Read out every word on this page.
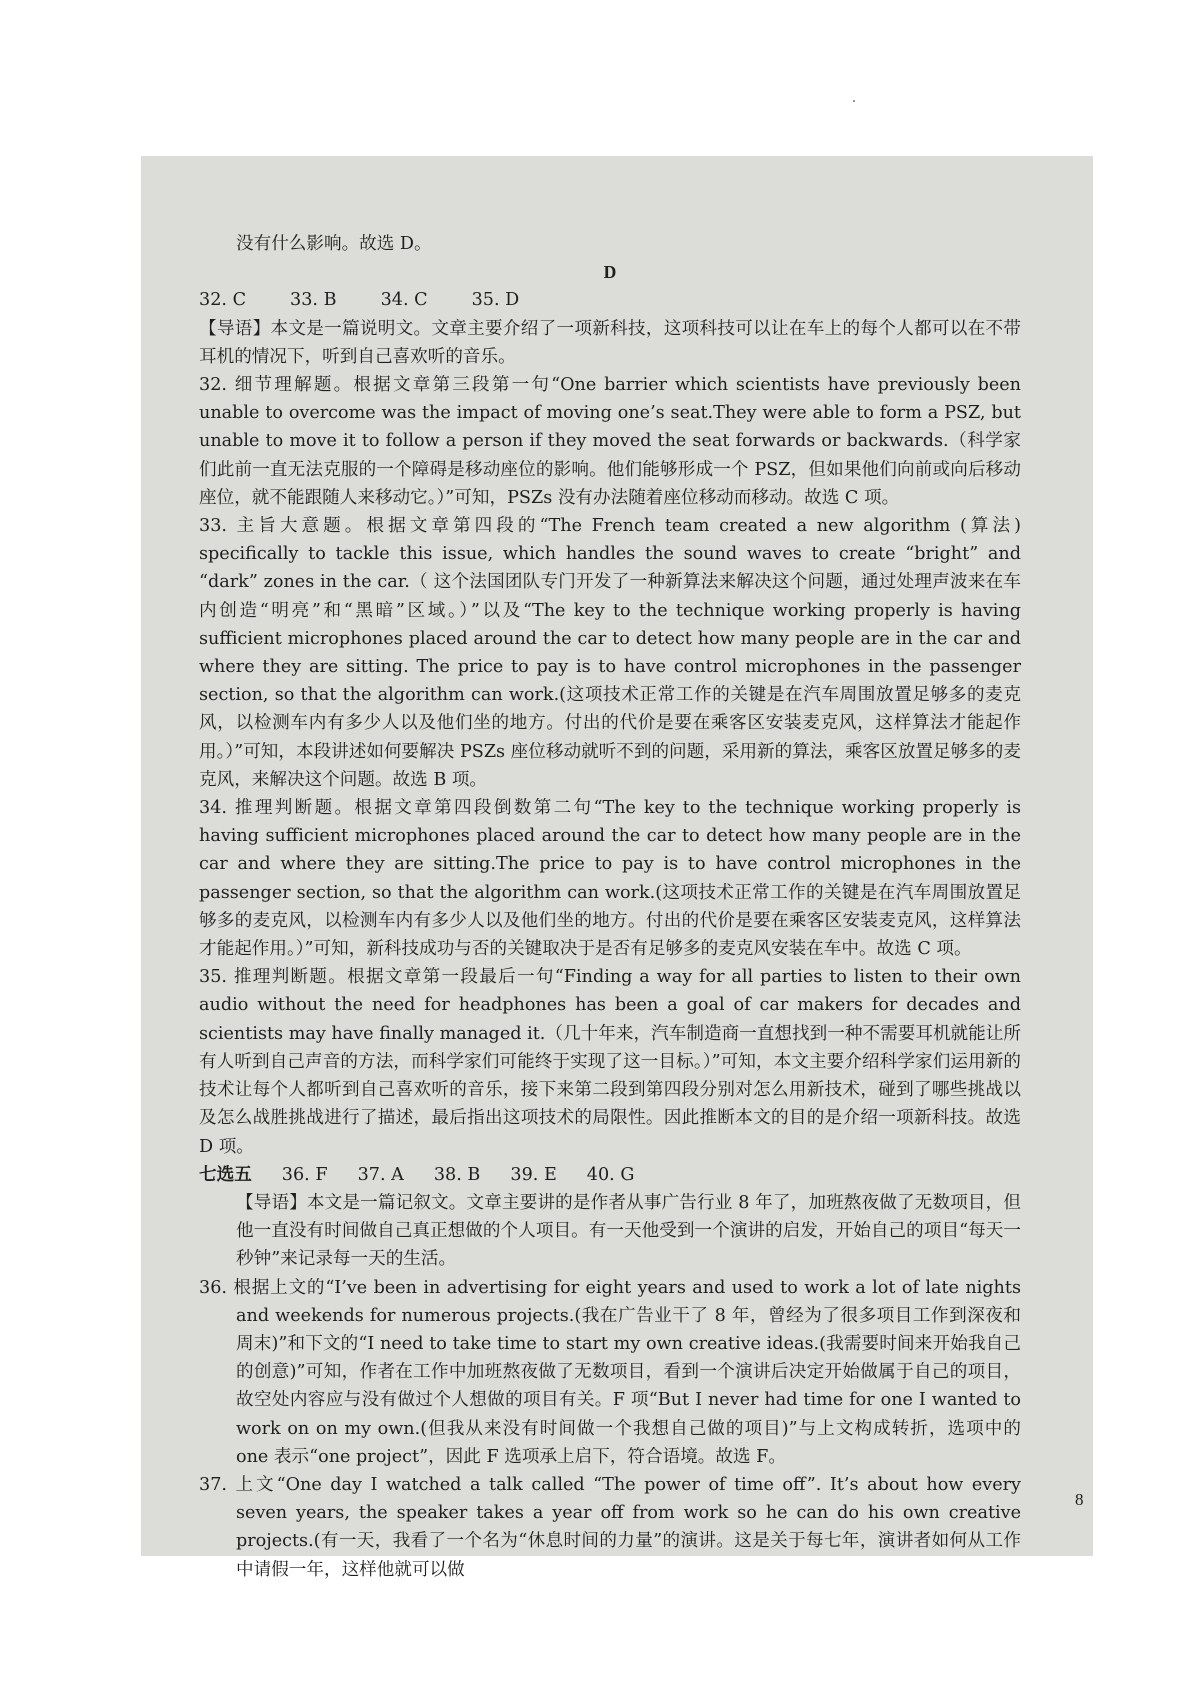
没有什么影响。故选 D。

D

32. C	33. B	34. C	35. D

【导语】本文是一篇说明文。文章主要介绍了一项新科技，这项科技可以让在车上的每个人都可以在不带耳机的情况下，听到自己喜欢听的音乐。

32. 细节理解题。根据文章第三段第一句“One barrier which scientists have previously been unable to overcome was the impact of moving one’s seat.They were able to form a PSZ, but unable to move it to follow a person if they moved the seat forwards or backwards.（科学家们此前一直无法克服的一个障碍是移动座位的影响。他们能够形成一个 PSZ，但如果他们向前或向后移动座位，就不能跟随人来移动它。）”可知，PSZs 没有办法随着座位移动而移动。故选 C 项。

33. 主旨大意题。根据文章第四段的“The French team created a new algorithm (算法) specifically to tackle this issue, which handles the sound waves to create “bright” and “dark” zones in the car.（ 这个法国团队专门开发了一种新算法来解决这个问题，通过处理声波来在车内创造“明亮”和“黑暗”区域。）”以及“The key to the technique working properly is having sufficient microphones placed around the car to detect how many people are in the car and where they are sitting. The price to pay is to have control microphones in the passenger section, so that the algorithm can work.(这项技术正常工作的关键是在汽车周围放置足够多的麦克风，以检测车内有多少人以及他们坐的地方。付出的代价是要在乘客区安装麦克风，这样算法才能起作用。）”可知，本段讲述如何要解决 PSZs 座位移动就听不到的问题，采用新的算法，乘客区放置足够多的麦克风，来解决这个问题。故选 B 项。

34. 推理判断题。根据文章第四段倒数第二句“The key to the technique working properly is having sufficient microphones placed around the car to detect how many people are in the car and where they are sitting.The price to pay is to have control microphones in the passenger section, so that the algorithm can work.(这项技术正常工作的关键是在汽车周围放置足够多的麦克风，以检测车内有多少人以及他们坐的地方。付出的代价是要在乘客区安装麦克风，这样算法才能起作用。）”可知，新科技成功与否的关键取决于是否有足够多的麦克风安装在车中。故选 C 项。

35. 推理判断题。根据文章第一段最后一句“Finding a way for all parties to listen to their own audio without the need for headphones has been a goal of car makers for decades and scientists may have finally managed it.（几十年来，汽车制造商一直想找到一种不需要耳机就能让所有人听到自己声音的方法，而科学家们可能终于实现了这一目标。）”可知，本文主要介绍科学家们运用新的技术让每个人都听到自己喜欢听的音乐，接下来第二段到第四段分别对怎么用新技术，碰到了哪些挑战以及怎么战胜挑战进行了描述，最后指出这项技术的局限性。因此推断本文的目的是介绍一项新科技。故选 D 项。

七选五 36. F 37. A 38. B 39. E 40. G

【导语】本文是一篇记叙文。文章主要讲的是作者从事广告行业 8 年了，加班熬夜做了无数项目，但他一直没有时间做自己真正想做的个人项目。有一天他受到一个演讲的启发，开始自己的项目“每天一秒钟”来记录每一天的生活。

36. 根据上文的“I’ve been in advertising for eight years and used to work a lot of late nights and weekends for numerous projects.(我在广告业干了 8 年，曾经为了很多项目工作到深夜和周末)”和下文的“I need to take time to start my own creative ideas.(我需要时间来开始我自己的创意)”可知，作者在工作中加班熬夜做了无数项目，看到一个演讲后决定开始做属于自己的项目，故空处内容应与没有做过个人想做的项目有关。F 项“But I never had time for one I wanted to work on on my own.(但我从来没有时间做一个我想自己做的项目)”与上文构成转折，选项中的 one 表示“one project”，因此 F 选项承上启下，符合语境。故选 F。

37. 上文“One day I watched a talk called “The power of time off”. It’s about how every seven years, the speaker takes a year off from work so he can do his own creative projects.(有一天，我看了一个名为“休息时间的力量”的演讲。这是关于每七年，演讲者如何从工作中请假一年，这样他就可以做

8
